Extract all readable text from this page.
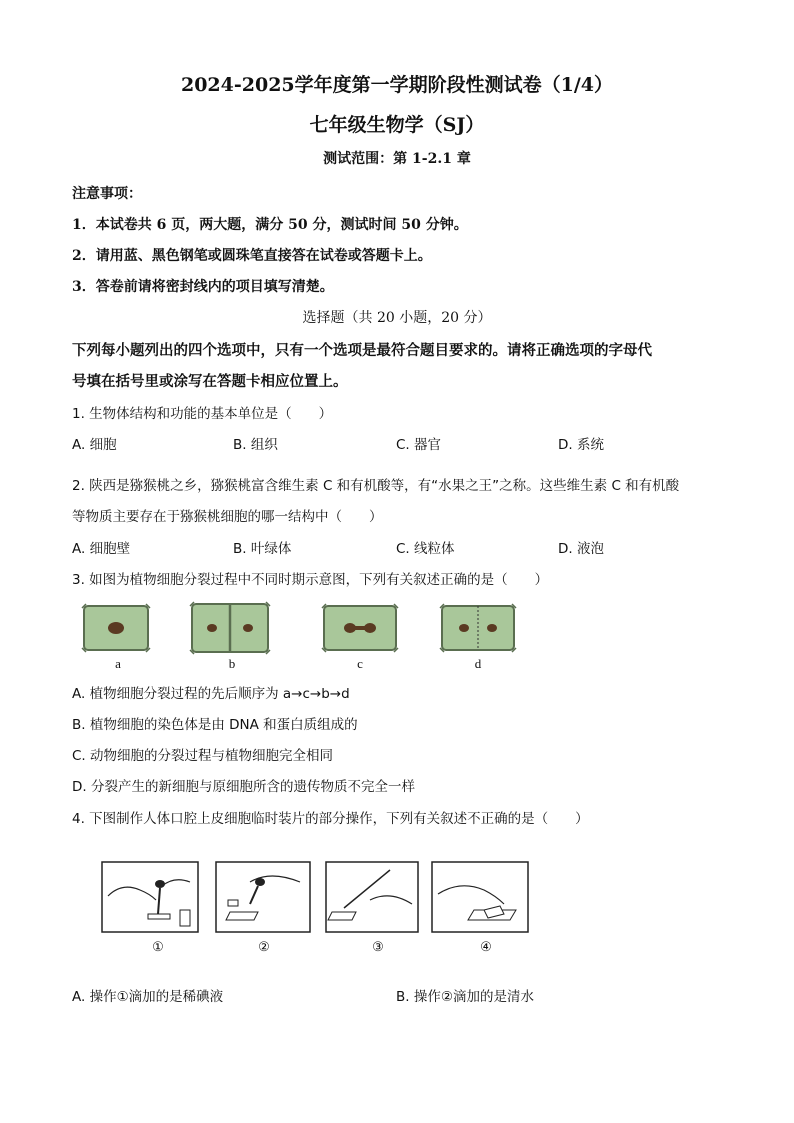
2024-2025学年度第一学期阶段性测试卷（1/4）
七年级生物学（SJ）
测试范围：第 1-2.1 章
注意事项：
1．本试卷共 6 页，两大题，满分 50 分，测试时间 50 分钟。
2．请用蓝、黑色钢笔或圆珠笔直接答在试卷或答题卡上。
3．答卷前请将密封线内的项目填写清楚。
选择题（共 20 小题，20 分）
下列每小题列出的四个选项中，只有一个选项是最符合题目要求的。请将正确选项的字母代
号填在括号里或涂写在答题卡相应位置上。
1. 生物体结构和功能的基本单位是（　　）
A. 细胞	B. 组织	C. 器官	D. 系统
2. 陕西是猕猴桃之乡，猕猴桃富含维生素 C 和有机酸等，有“水果之王”之称。这些维生素 C 和有机酸
等物质主要存在于猕猴桃细胞的哪一结构中（　　）
A. 细胞壁	B. 叶绿体	C. 线粒体	D. 液泡
3. 如图为植物细胞分裂过程中不同时期示意图，下列有关叙述正确的是（　　）
a	b	c	d
A. 植物细胞分裂过程的先后顺序为 a→c→b→d
B. 植物细胞的染色体是由 DNA 和蛋白质组成的
C. 动物细胞的分裂过程与植物细胞完全相同
D. 分裂产生的新细胞与原细胞所含的遗传物质不完全一样
4. 下图制作人体口腔上皮细胞临时装片的部分操作，下列有关叙述不正确的是（　　）
①	②	③	④
A. 操作①滴加的是稀碘液	B. 操作②滴加的是清水
